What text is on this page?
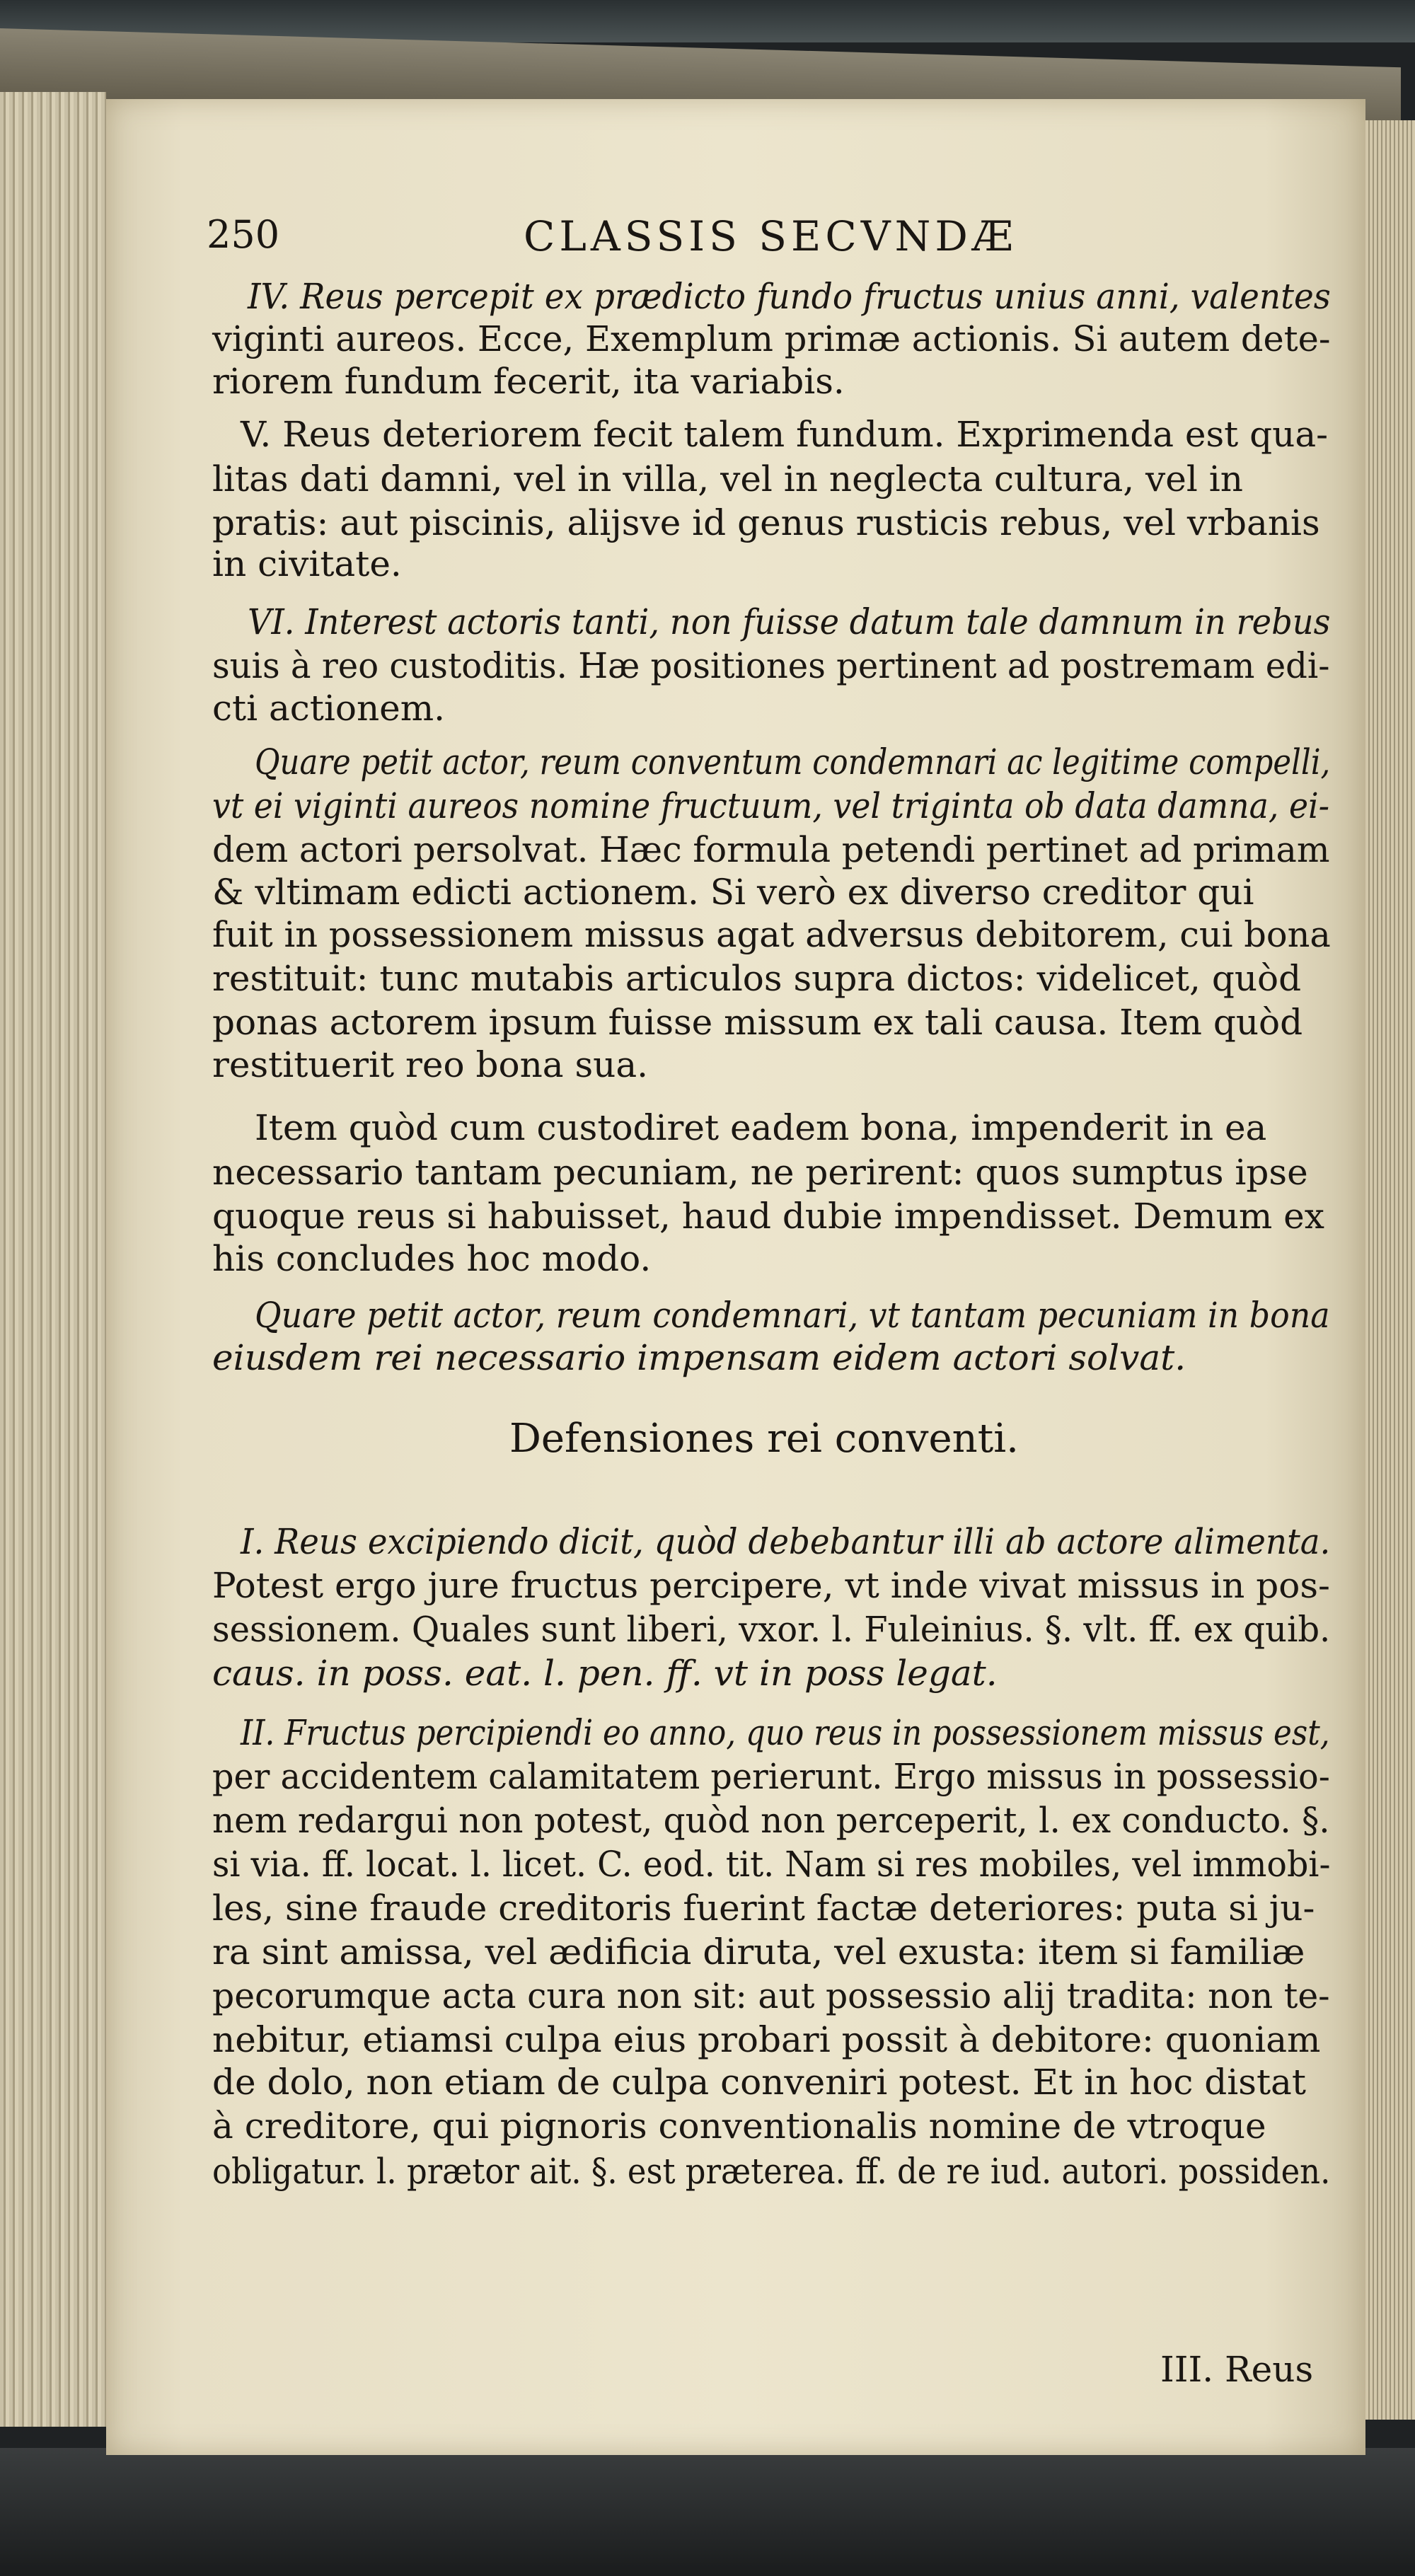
250	CLASSIS SECVNDÆ
IV. Reus percepit ex prædicto fundo fructus unius anni, valentes
viginti aureos. Ecce, Exemplum primæ actionis. Si autem dete-
riorem fundum fecerit, ita variabis.
V. Reus deteriorem fecit talem fundum. Exprimenda est qua-
litas dati damni, vel in villa, vel in neglecta cultura, vel in
pratis: aut piscinis, alijsve id genus rusticis rebus, vel vrbanis
in civitate.
VI. Interest actoris tanti, non fuisse datum tale damnum in rebus
suis à reo custoditis. Hæ positiones pertinent ad postremam edi-
cti actionem.
Quare petit actor, reum conventum condemnari ac legitime compelli,
vt ei viginti aureos nomine fructuum, vel triginta ob data damna, ei-
dem actori persolvat. Hæc formula petendi pertinet ad primam
& vltimam edicti actionem. Si verò ex diverso creditor qui
fuit in possessionem missus agat adversus debitorem, cui bona
restituit: tunc mutabis articulos supra dictos: videlicet, quòd
ponas actorem ipsum fuisse missum ex tali causa. Item quòd
restituerit reo bona sua.
Item quòd cum custodiret eadem bona, impenderit in ea
necessario tantam pecuniam, ne perirent: quos sumptus ipse
quoque reus si habuisset, haud dubie impendisset. Demum ex
his concludes hoc modo.
Quare petit actor, reum condemnari, vt tantam pecuniam in bona
eiusdem rei necessario impensam eidem actori solvat.
Defensiones rei conventi.
I. Reus excipiendo dicit, quòd debebantur illi ab actore alimenta.
Potest ergo jure fructus percipere, vt inde vivat missus in pos-
sessionem. Quales sunt liberi, vxor. l. Fuleinius. §. vlt. ff. ex quib.
caus. in poss. eat. l. pen. ff. vt in poss legat.
II. Fructus percipiendi eo anno, quo reus in possessionem missus est,
per accidentem calamitatem perierunt. Ergo missus in possessio-
nem redargui non potest, quòd non perceperit, l. ex conducto. §.
si via. ff. locat. l. licet. C. eod. tit. Nam si res mobiles, vel immobi-
les, sine fraude creditoris fuerint factæ deteriores: puta si ju-
ra sint amissa, vel ædificia diruta, vel exusta: item si familiæ
pecorumque acta cura non sit: aut possessio alij tradita: non te-
nebitur, etiamsi culpa eius probari possit à debitore: quoniam
de dolo, non etiam de culpa conveniri potest. Et in hoc distat
à creditore, qui pignoris conventionalis nomine de vtroque
obligatur. l. prætor ait. §. est præterea. ff. de re iud. autori. possiden.
III. Reus
